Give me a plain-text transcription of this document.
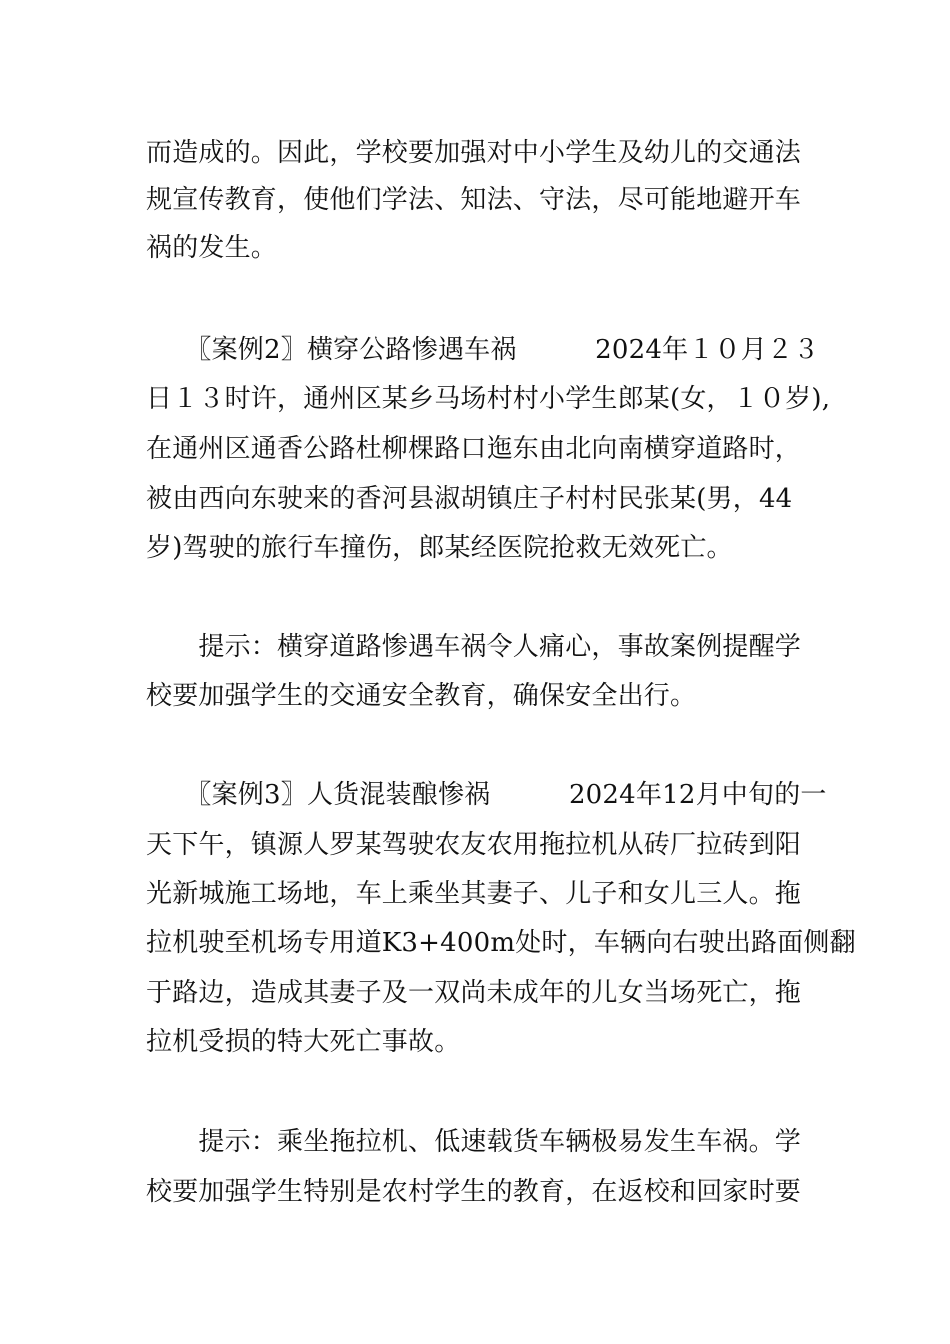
而造成的。因此，学校要加强对中小学生及幼儿的交通法
规宣传教育，使他们学法、知法、守法，尽可能地避开车
祸的发生。
　　〖案例2〗横穿公路惨遇车祸　　　2024年１０月２３
日１３时许，通州区某乡马场村村小学生郎某(女，１０岁),
在通州区通香公路杜柳棵路口迤东由北向南横穿道路时，
被由西向东驶来的香河县淑胡镇庄子村村民张某(男，44
岁)驾驶的旅行车撞伤，郎某经医院抢救无效死亡。
　　提示：横穿道路惨遇车祸令人痛心，事故案例提醒学
校要加强学生的交通安全教育，确保安全出行。
　　〖案例3〗人货混装酿惨祸　　　2024年12月中旬的一
天下午，镇源人罗某驾驶农友农用拖拉机从砖厂拉砖到阳
光新城施工场地，车上乘坐其妻子、儿子和女儿三人。拖
拉机驶至机场专用道K3+400m处时，车辆向右驶出路面侧翻
于路边，造成其妻子及一双尚未成年的儿女当场死亡，拖
拉机受损的特大死亡事故。
　　提示：乘坐拖拉机、低速载货车辆极易发生车祸。学
校要加强学生特别是农村学生的教育，在返校和回家时要
